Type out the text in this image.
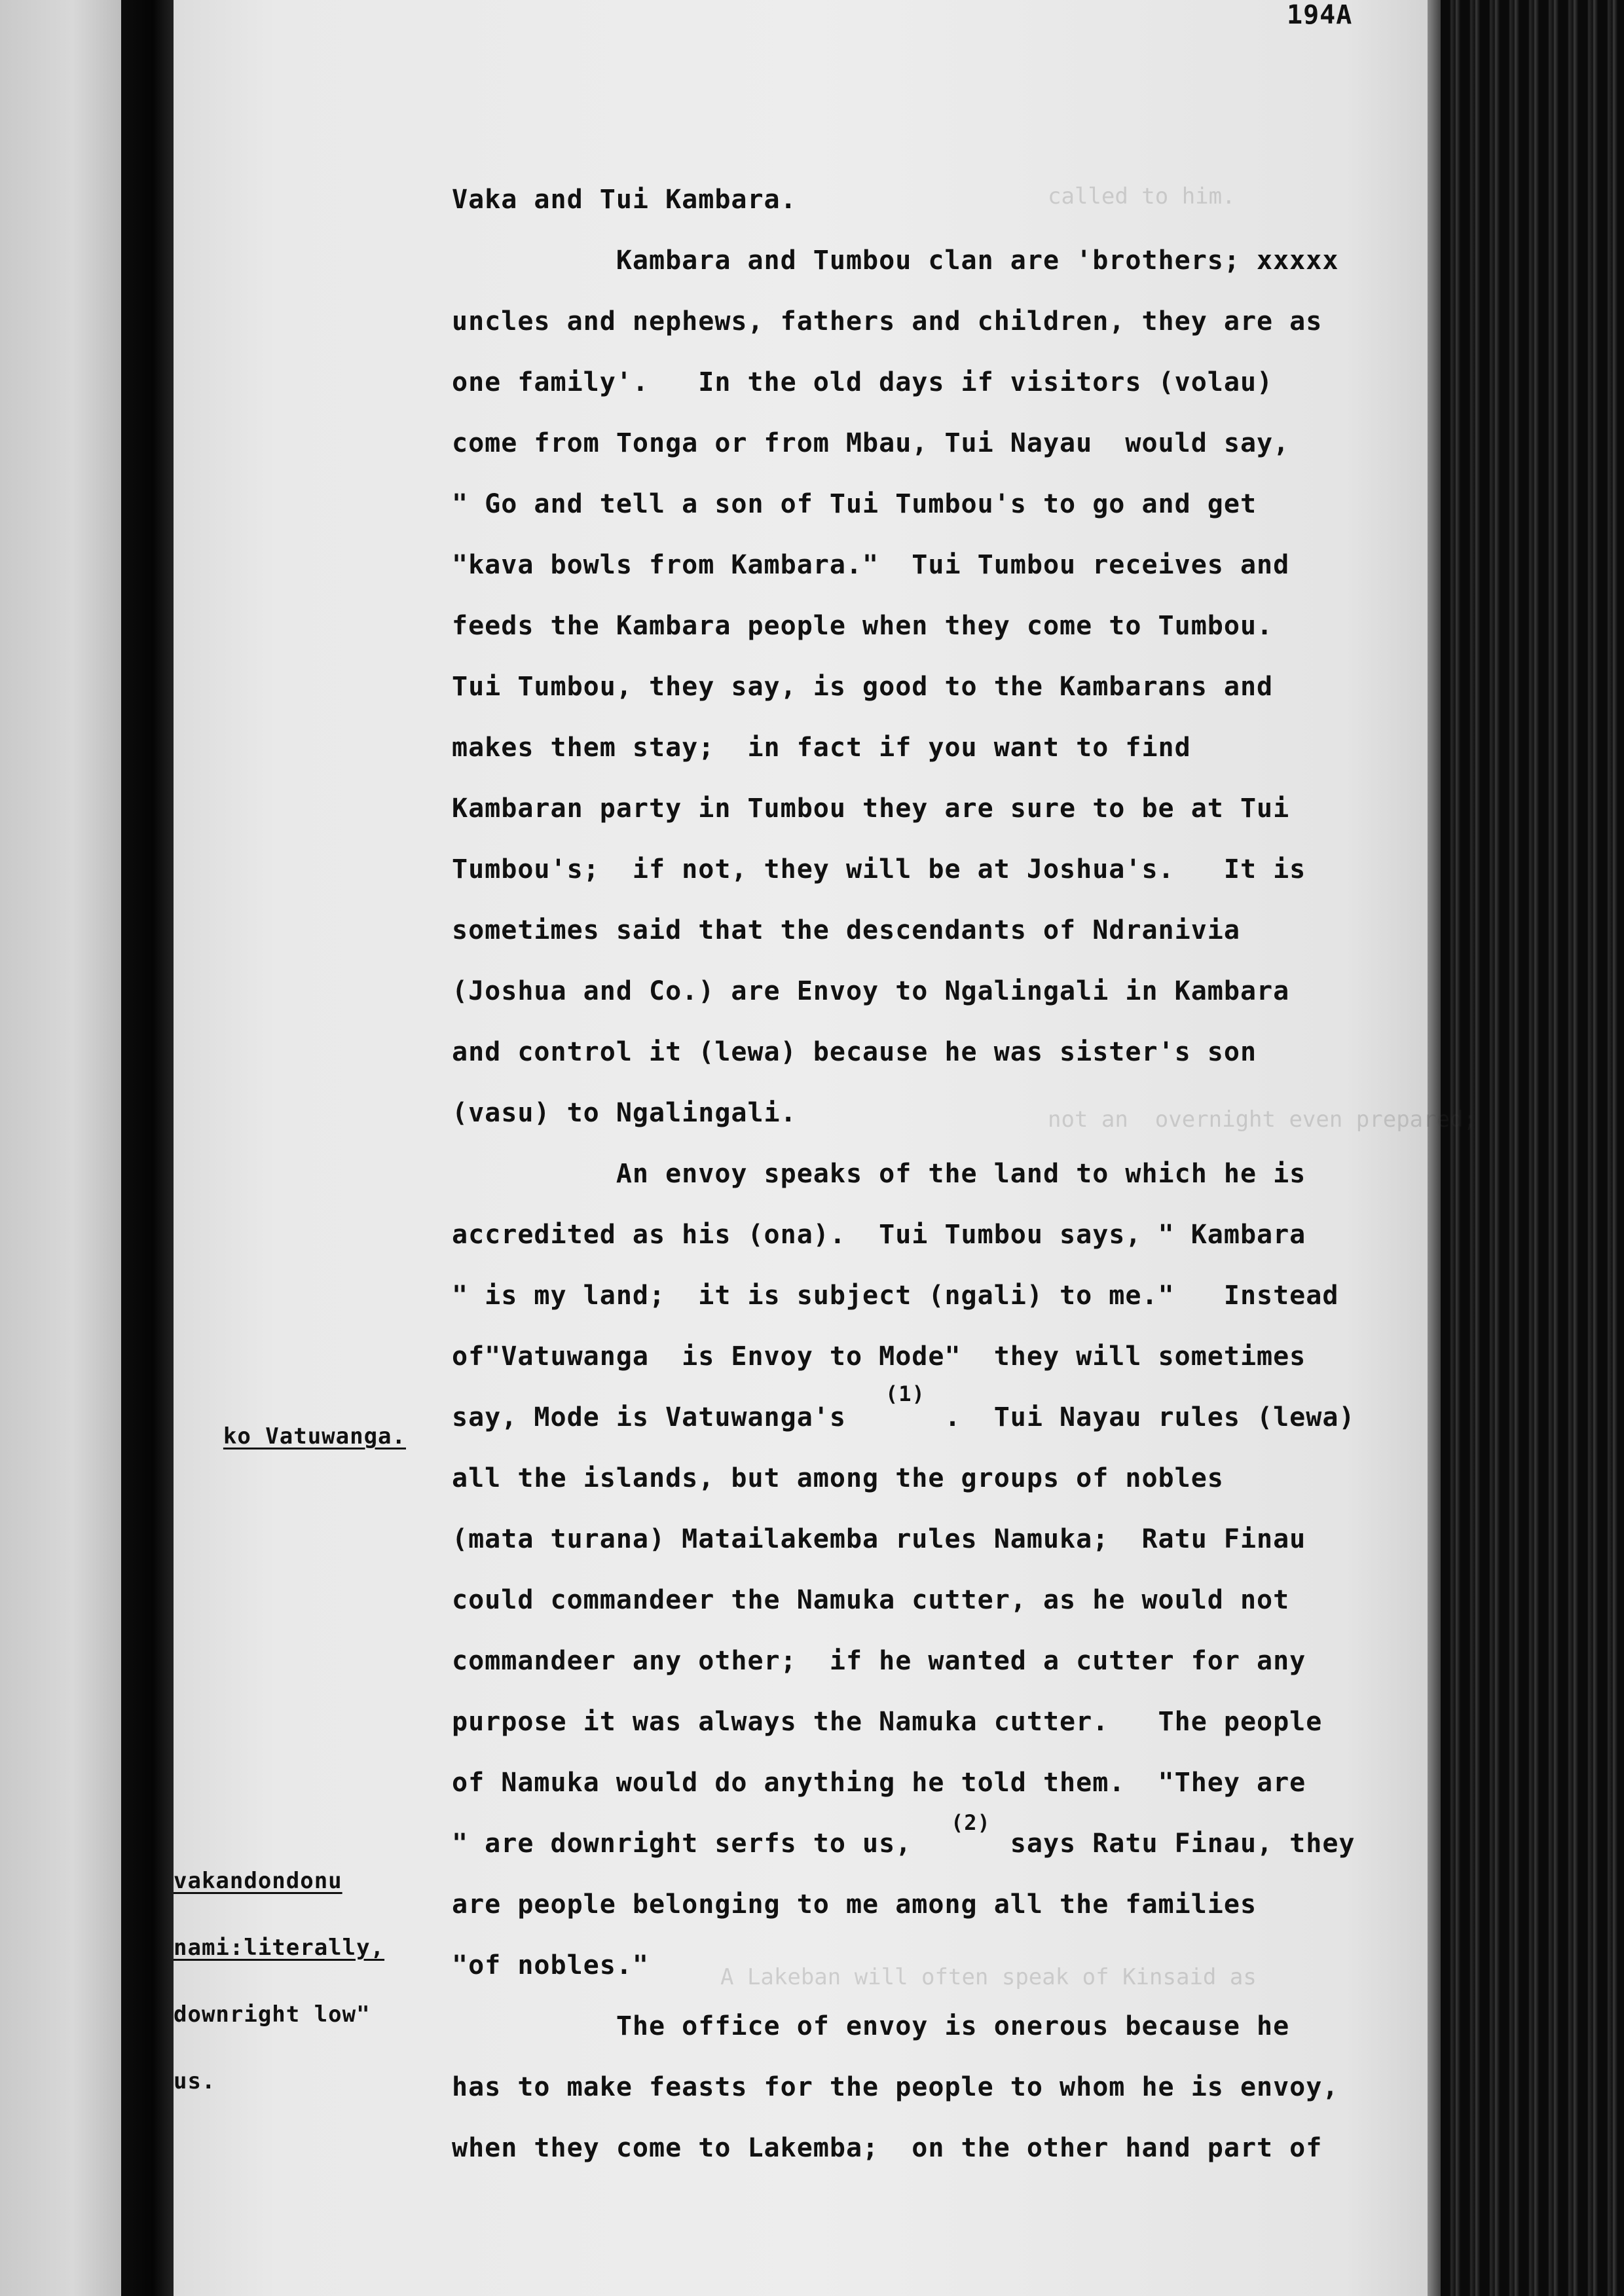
called to him.
not an  overnight even prepared;
A Lakeban will often speak of Kinsaid as
194A
Vaka and Tui Kambara.
Kambara and Tumbou clan are 'brothers; xxxxx
uncles and nephews, fathers and children, they are as
one family'.   In the old days if visitors (volau)
come from Tonga or from Mbau, Tui Nayau  would say,
" Go and tell a son of Tui Tumbou's to go and get
"kava bowls from Kambara."  Tui Tumbou receives and
feeds the Kambara people when they come to Tumbou.
Tui Tumbou, they say, is good to the Kambarans and
makes them stay;  in fact if you want to find
Kambaran party in Tumbou they are sure to be at Tui
Tumbou's;  if not, they will be at Joshua's.   It is
sometimes said that the descendants of Ndranivia
(Joshua and Co.) are Envoy to Ngalingali in Kambara
and control it (lewa) because he was sister's son
(vasu) to Ngalingali.
An envoy speaks of the land to which he is
accredited as his (ona).  Tui Tumbou says, " Kambara
" is my land;  it is subject (ngali) to me."   Instead
of"Vatuwanga  is Envoy to Mode"  they will sometimes
say, Mode is Vatuwanga's      .  Tui Nayau rules (lewa)
all the islands, but among the groups of nobles
(mata turana) Matailakemba rules Namuka;  Ratu Finau
could commandeer the Namuka cutter, as he would not
commandeer any other;  if he wanted a cutter for any
purpose it was always the Namuka cutter.   The people
of Namuka would do anything he told them.  "They are
" are downright serfs to us,      says Ratu Finau, they
are people belonging to me among all the families
"of nobles."
The office of envoy is onerous because he
has to make feasts for the people to whom he is envoy,
when they come to Lakemba;  on the other hand part of
(1)
(2)

ko Vatuwanga.

vakandondonu

nami:literally,

downright low"

us.
